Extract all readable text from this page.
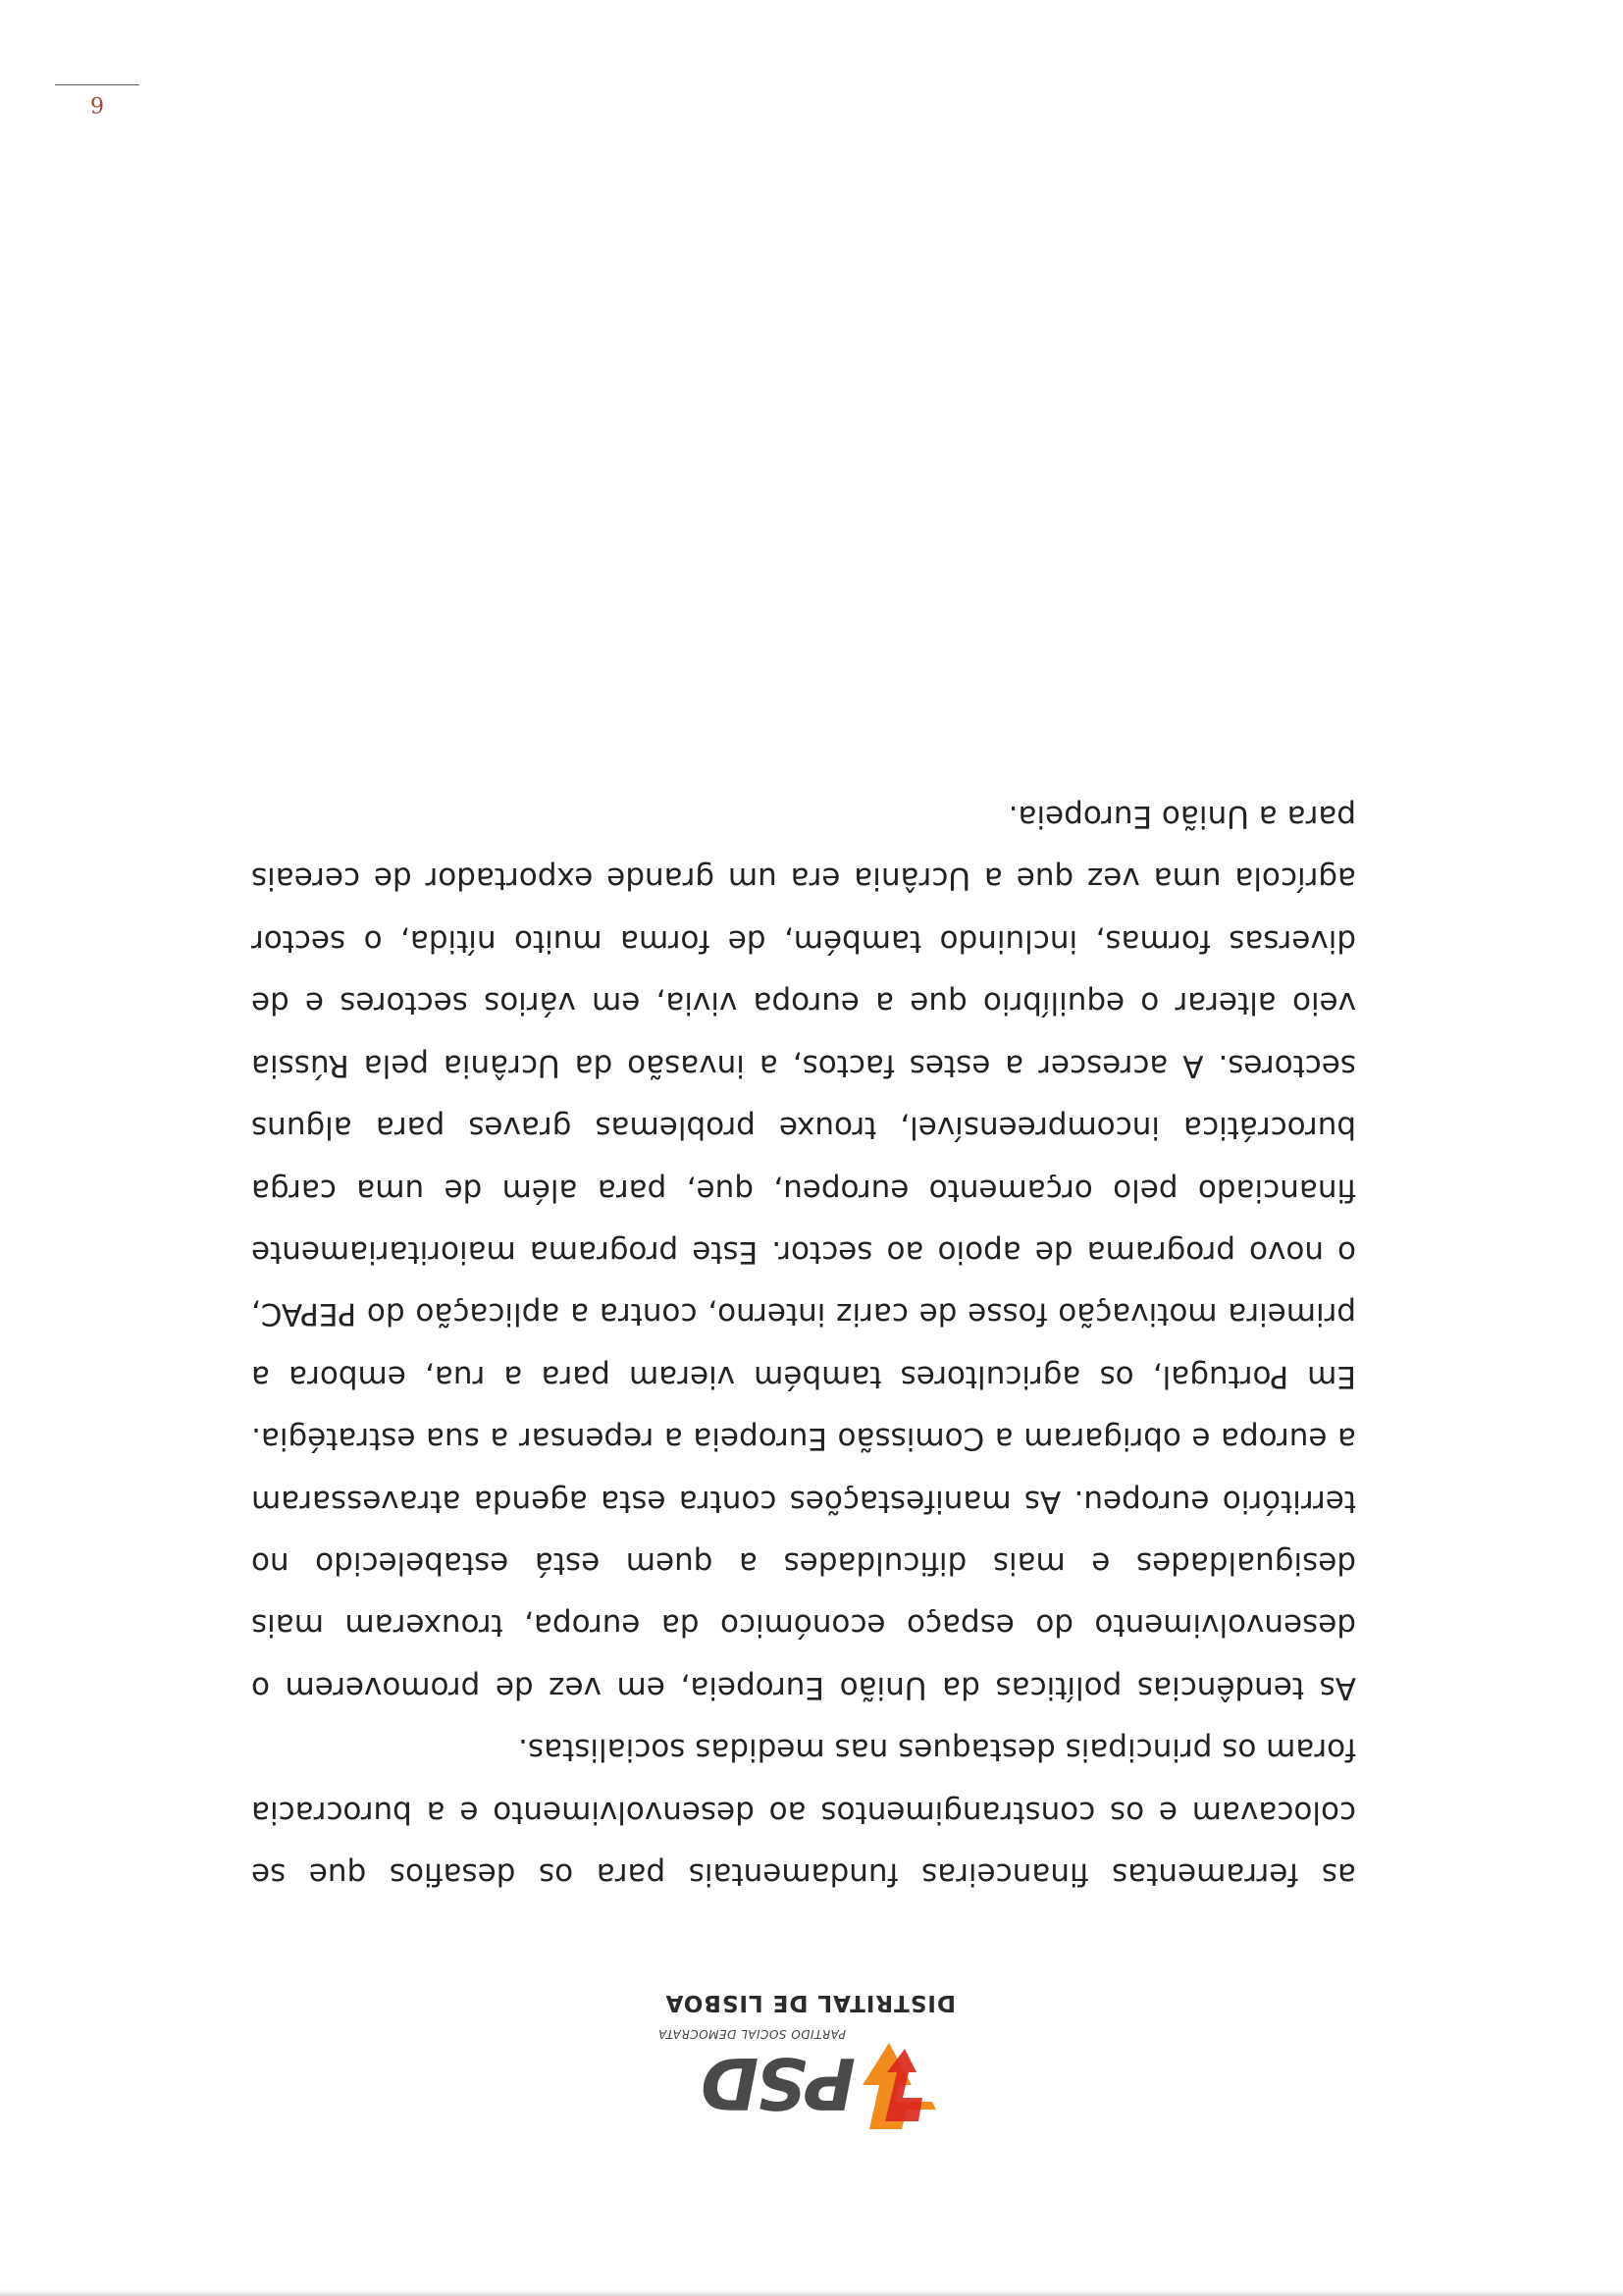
PSD
PARTIDO SOCIAL DEMOCRATA
DISTRITAL DE LISBOA

as ferramentas financeiras fundamentais para os desafios que se colocavam e os constrangimentos ao desenvolvimento e a burocracia foram os principais destaques nas medidas socialistas.

As tendências políticas da União Europeia, em vez de promoverem o desenvolvimento do espaço económico da europa, trouxeram mais desigualdades e mais dificuldades a quem está estabelecido no território europeu. As manifestações contra esta agenda atravessaram a europa e obrigaram a Comissão Europeia a repensar a sua estratégia. Em Portugal, os agricultores também vieram para a rua, embora a primeira motivação fosse de cariz interno, contra a aplicação do PEPAC, o novo programa de apoio ao sector. Este programa maioritariamente financiado pelo orçamento europeu, que, para além de uma carga burocrática incompreensível, trouxe problemas graves para alguns sectores. A acrescer a estes factos, a invasão da Ucrânia pela Rússia veio alterar o equilíbrio que a europa vivia, em vários sectores e de diversas formas, incluindo também, de forma muito nítida, o sector agrícola uma vez que a Ucrânia era um grande exportador de cereais para a União Europeia.

6
